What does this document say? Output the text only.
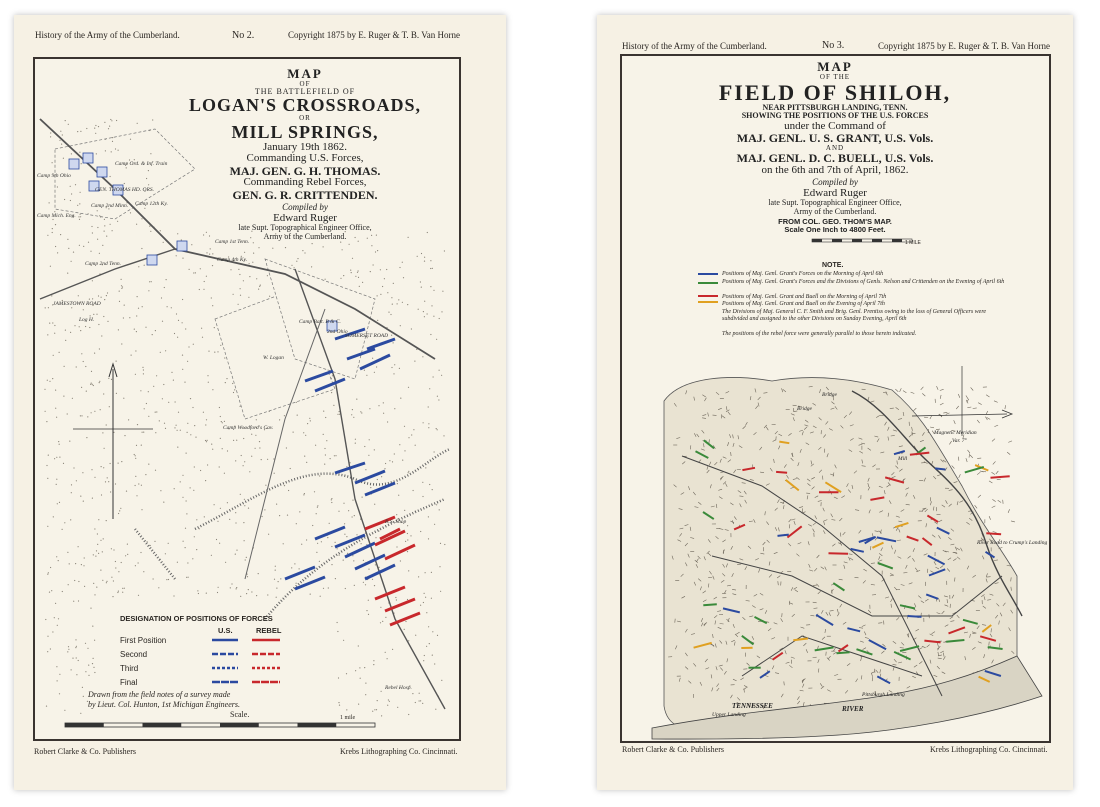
History of the Army of the Cumberland.	No 2.	Copyright 1875 by E. Ruger & T. B. Van Horne
Camp Ord. & Inf. Train
Camp 9th Ohio
GEN. THOMAS HD. QRS.
Camp 2nd Minn. Camp 12th Ky.
Camp Mich. Eng.
Camp 1st Tenn.
Camp 2nd Tenn.
Camp 4th Ky.
Log H.	Camp Batt. B & C.
2nd Ohio
W. Logan
Camp Woodford's Cav.
B.S. Shop
Rebel Hosp.
JAMESTOWN ROAD
SOMERSET ROAD
MAP
OF
THE BATTLEFIELD OF
LOGAN'S CROSSROADS,
OR
MILL SPRINGS,
January 19th 1862.
Commanding U.S. Forces,
MAJ. GEN. G. H. THOMAS.
Commanding Rebel Forces,
GEN. G. R. CRITTENDEN.
Compiled by
Edward Ruger
late Supt. Topographical Engineer Office,
Army of the Cumberland.
DESIGNATION OF POSITIONS OF FORCES
U.S.	REBEL
First Position
Second
Third
Final
Drawn from the field notes of a survey made
by Lieut. Col. Hunton, 1st Michigan Engineers.
Scale.	1 mile
Robert Clarke & Co. Publishers	Krebs Lithographing Co. Cincinnati.
History of the Army of the Cumberland.	No 3.	Copyright 1875 by E. Ruger & T. B. Van Horne
MAP
OF THE
FIELD OF SHILOH,
NEAR PITTSBURGH LANDING, TENN.
SHOWING THE POSITIONS OF THE U.S. FORCES
under the Command of
MAJ. GENL. U. S. GRANT, U.S. Vols.
AND
MAJ. GENL. D. C. BUELL, U.S. Vols.
on the 6th and 7th of April, 1862.
Compiled by
Edward Ruger
late Supt. Topographical Engineer Office,
Army of the Cumberland.
FROM COL. GEO. THOM'S MAP.
Scale One Inch to 4800 Feet.
1 MILE
NOTE.
Positions of Maj. Genl. Grant's Forces on the Morning of April 6th
Positions of Maj. Genl. Grant's Forces and the Divisions of Genls. Nelson and Crittenden on the Evening of April 6th
Positions of Maj. Genl. Grant and Buell on the Morning of April 7th
Positions of Maj. Genl. Grant and Buell on the Evening of April 7th
The Divisions of Maj. General C. F. Smith and Brig. Genl. Prentiss owing to the loss of General Officers were subdivided and assigned to the other Divisions on Sunday Evening, April 6th
The positions of the rebel force were generally parallel to those herein indicated.
Bridge
Bridge
Mill
Magnetic Meridian
Var. 7°
River Road to Crump's Landing
Pittsburgh Landing
TENNESSEE	RIVER
Upper Landing
Robert Clarke & Co. Publishers	Krebs Lithographing Co. Cincinnati.
